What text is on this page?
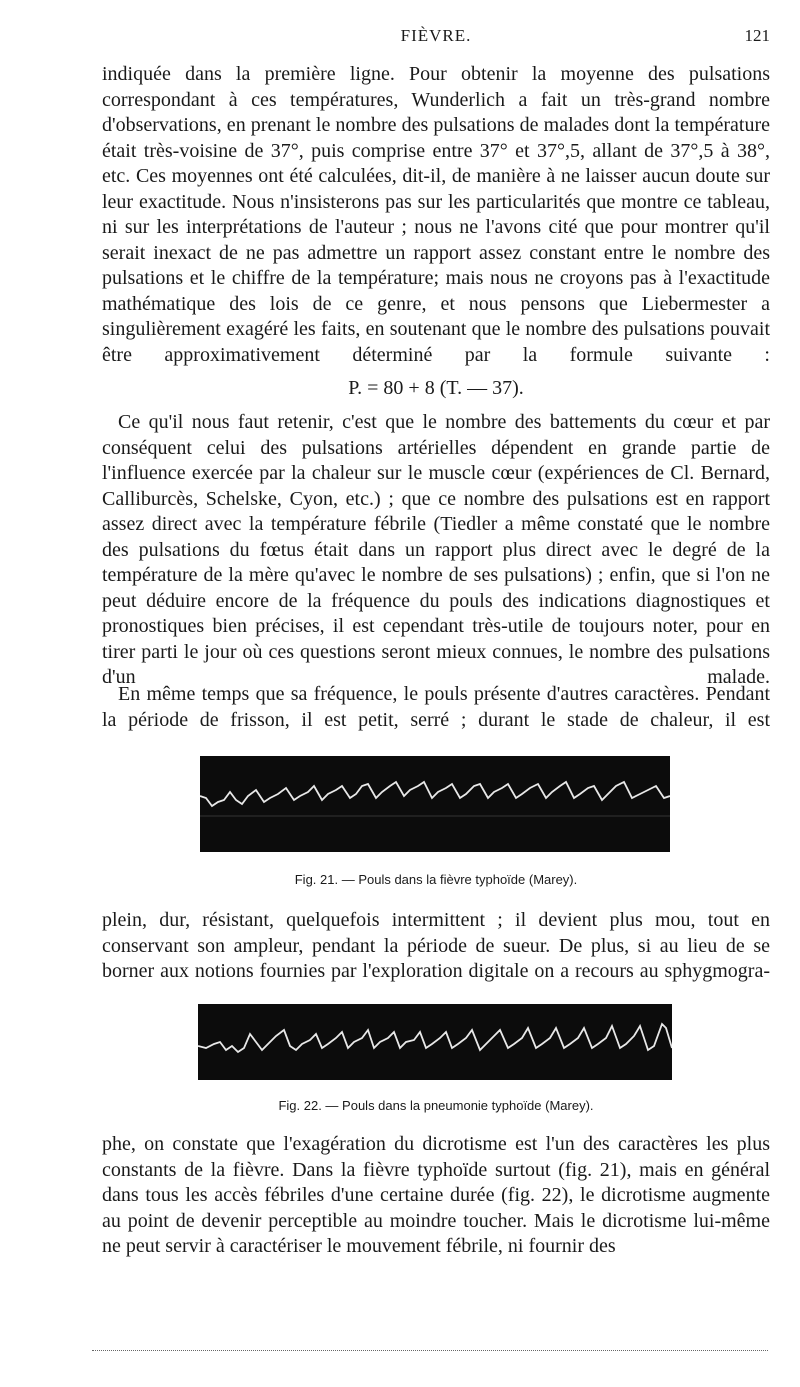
FIÈVRE.	121

indiquée dans la première ligne. Pour obtenir la moyenne des pulsations correspondant à ces températures, Wunderlich a fait un très-grand nombre d'observations, en prenant le nombre des pulsations de malades dont la température était très-voisine de 37°, puis comprise entre 37° et 37°,5, allant de 37°,5 à 38°, etc. Ces moyennes ont été calculées, dit-il, de manière à ne laisser aucun doute sur leur exactitude. Nous n'insisterons pas sur les particularités que montre ce tableau, ni sur les interprétations de l'auteur ; nous ne l'avons cité que pour montrer qu'il serait inexact de ne pas admettre un rapport assez constant entre le nombre des pulsations et le chiffre de la température; mais nous ne croyons pas à l'exactitude mathématique des lois de ce genre, et nous pensons que Liebermester a singulièrement exagéré les faits, en soutenant que le nombre des pulsations pouvait être approximativement déterminé par la formule suivante :

P. = 80 + 8 (T. — 37).

Ce qu'il nous faut retenir, c'est que le nombre des battements du cœur et par conséquent celui des pulsations artérielles dépendent en grande partie de l'influence exercée par la chaleur sur le muscle cœur (expériences de Cl. Bernard, Calliburcès, Schelske, Cyon, etc.) ; que ce nombre des pulsations est en rapport assez direct avec la température fébrile (Tiedler a même constaté que le nombre des pulsations du fœtus était dans un rapport plus direct avec le degré de la température de la mère qu'avec le nombre de ses pulsations) ; enfin, que si l'on ne peut déduire encore de la fréquence du pouls des indications diagnostiques et pronostiques bien précises, il est cependant très-utile de toujours noter, pour en tirer parti le jour où ces questions seront mieux connues, le nombre des pulsations d'un malade.

En même temps que sa fréquence, le pouls présente d'autres caractères. Pendant la période de frisson, il est petit, serré ; durant le stade de chaleur, il est

Fig. 21. — Pouls dans la fièvre typhoïde (Marey).

plein, dur, résistant, quelquefois intermittent ; il devient plus mou, tout en conservant son ampleur, pendant la période de sueur. De plus, si au lieu de se borner aux notions fournies par l'exploration digitale on a recours au sphygmogra-

Fig. 22. — Pouls dans la pneumonie typhoïde (Marey).

phe, on constate que l'exagération du dicrotisme est l'un des caractères les plus constants de la fièvre. Dans la fièvre typhoïde surtout (fig. 21), mais en général dans tous les accès fébriles d'une certaine durée (fig. 22), le dicrotisme augmente au point de devenir perceptible au moindre toucher. Mais le dicrotisme lui-même ne peut servir à caractériser le mouvement fébrile, ni fournir des
